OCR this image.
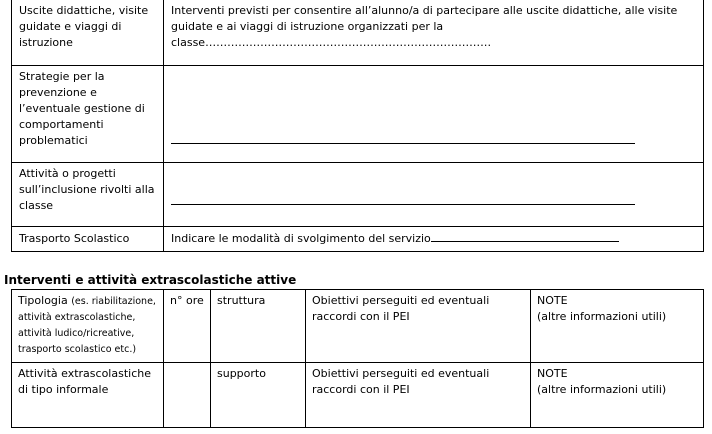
Uscite didattiche, visite guidate e viaggi di istruzione	Interventi previsti per consentire all’alunno/a di partecipare alle uscite didattiche, alle visite guidate e ai viaggi di istruzione organizzati per la classe……………………………………………………………………
Strategie per la prevenzione e l’eventuale gestione di comportamenti problematici	

Attività o progetti sull’inclusione rivolti alla classe	

Trasporto Scolastico	Indicare le modalità di svolgimento del servizio
Interventi e attività extrascolastiche attive
Tipologia (es. riabilitazione, attività extrascolastiche, attività ludico/ricreative, trasporto scolastico etc.)	n° ore	struttura	Obiettivi perseguiti ed eventuali raccordi con il PEI	NOTE
(altre informazioni utili)

Attività extrascolastiche di tipo informale		supporto	Obiettivi perseguiti ed eventuali raccordi con il PEI	NOTE
(altre informazioni utili)
